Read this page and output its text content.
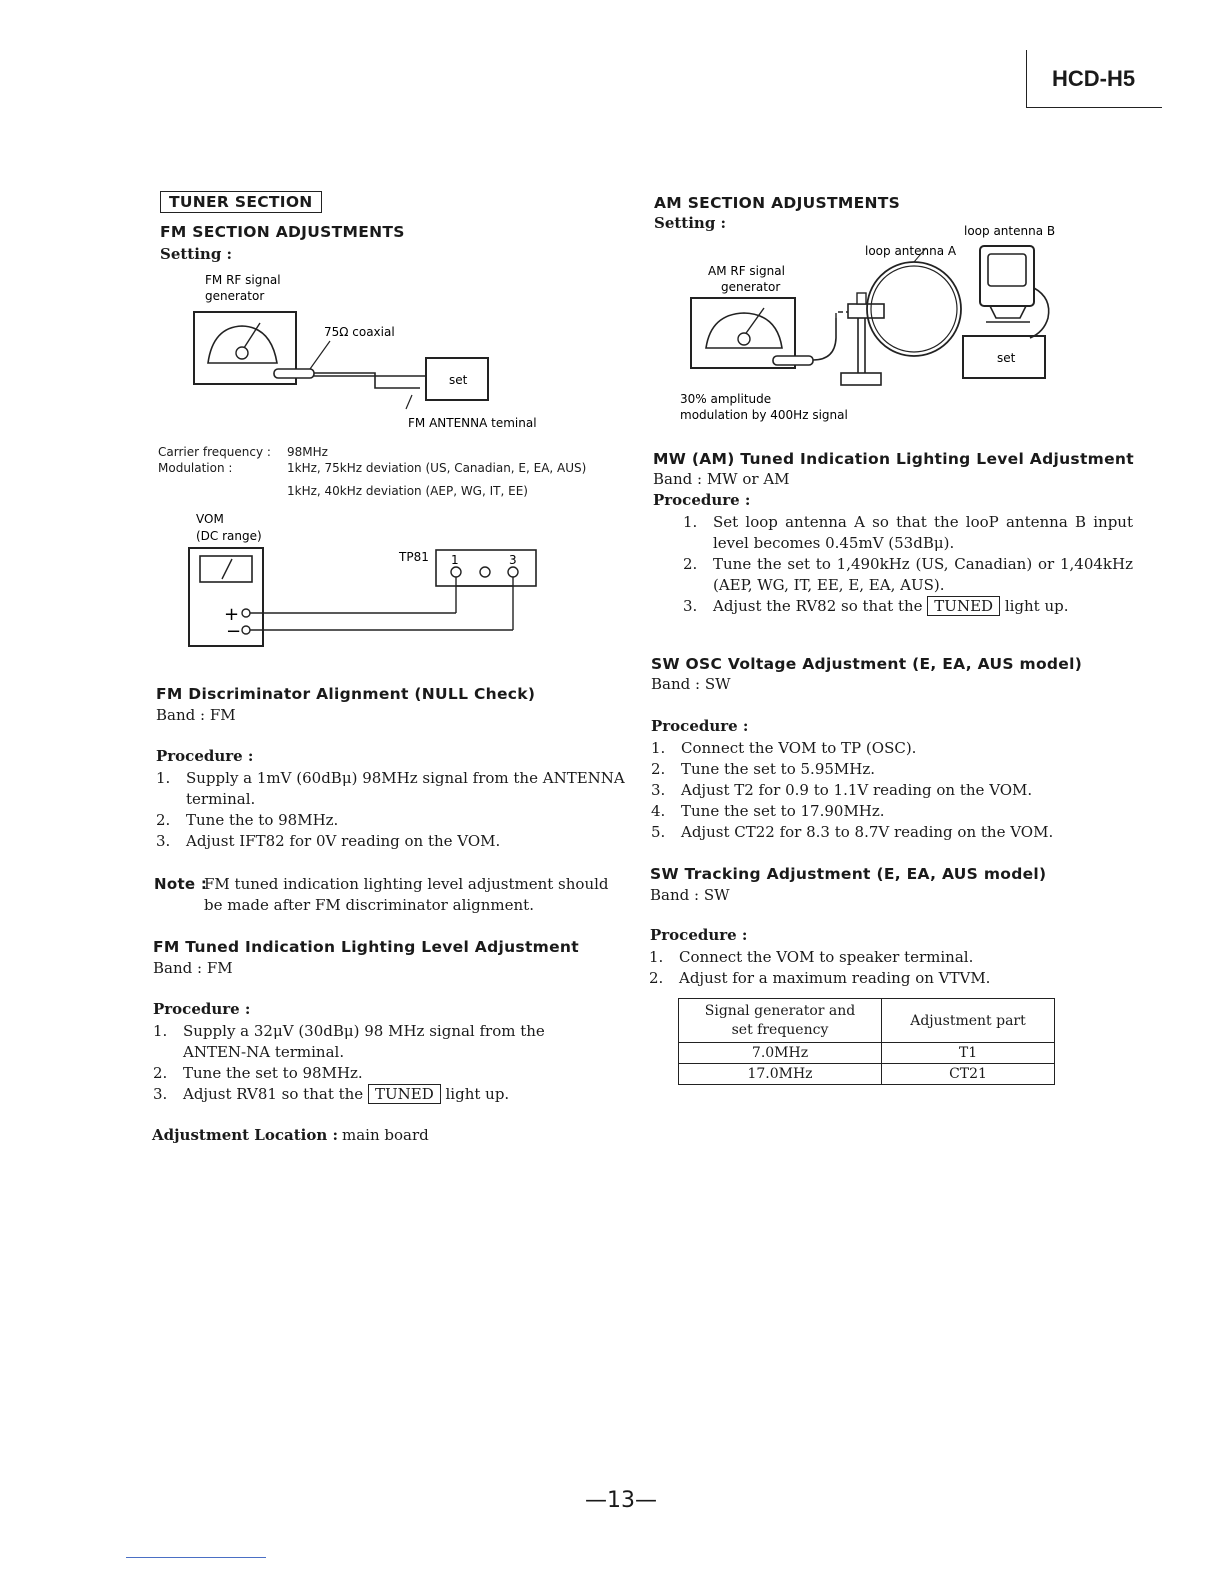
HCD-H5
TUNER SECTION
FM SECTION ADJUSTMENTS
Setting :
FM RF signal
generator
75Ω coaxial
set
FM ANTENNA teminal
Carrier frequency : 98MHz
Modulation :	1kHz, 75kHz deviation (US, Canadian, E, EA, AUS)
1kHz, 40kHz deviation (AEP, WG, IT, EE)
VOM
(DC range)
+
−
TP81 1	3
FM Discriminator Alignment (NULL Check)
Band : FM
Procedure :
1. Supply a 1mV (60dBμ) 98MHz signal from the ANTENNA terminal.
2. Tune the to 98MHz.
3. Adjust IFT82 for 0V reading on the VOM.
Note :
FM tuned indication lighting level adjustment should be made after FM discriminator alignment.
FM Tuned Indication Lighting Level Adjustment
Band : FM
Procedure :
1. Supply a 32μV (30dBμ) 98 MHz signal from the ANTEN-NA terminal.
2. Tune the set to 98MHz.
3. Adjust RV81 so that the TUNED light up.
Adjustment Location : main board
AM SECTION ADJUSTMENTS
Setting :	loop antenna B
loop antenna A
AM RF signal
generator
set
30% amplitude
modulation by 400Hz signal
MW (AM) Tuned Indication Lighting Level Adjustment
Band : MW or AM
Procedure :
1. Set loop antenna A so that the looP antenna B input level becomes 0.45mV (53dBμ).
2. Tune the set to 1,490kHz (US, Canadian) or 1,404kHz (AEP, WG, IT, EE, E, EA, AUS).
3. Adjust the RV82 so that the TUNED light up.
SW OSC Voltage Adjustment (E, EA, AUS model)
Band : SW
Procedure :
1. Connect the VOM to TP (OSC).
2. Tune the set to 5.95MHz.
3. Adjust T2 for 0.9 to 1.1V reading on the VOM.
4. Tune the set to 17.90MHz.
5. Adjust CT22 for 8.3 to 8.7V reading on the VOM.
SW Tracking Adjustment (E, EA, AUS model)
Band : SW
Procedure :
1. Connect the VOM to speaker terminal.
2. Adjust for a maximum reading on VTVM.
Signal generator and
set frequency	Adjustment part
7.0MHz	T1
17.0MHz	CT21
—13—
